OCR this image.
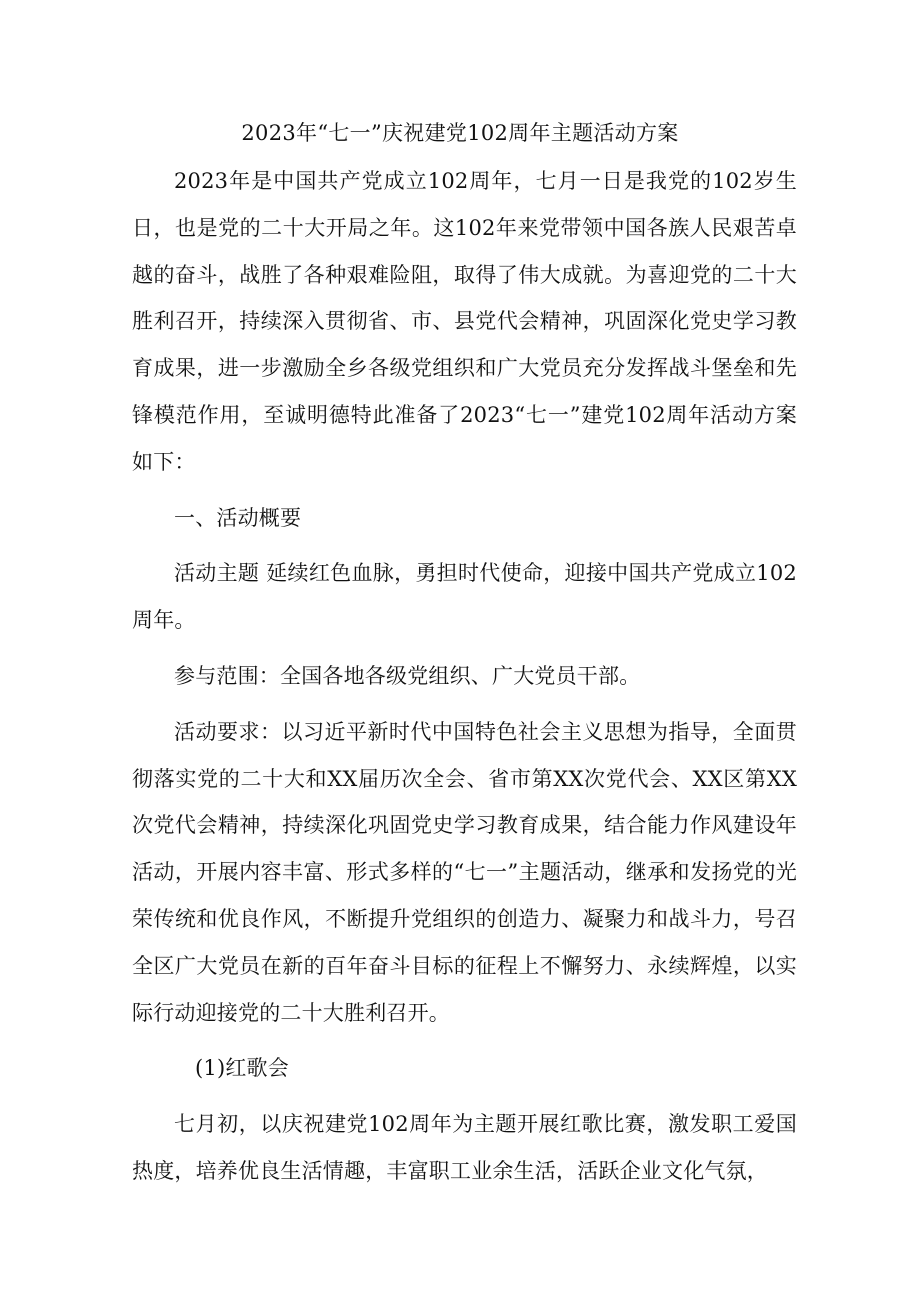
2023年“七一”庆祝建党102周年主题活动方案

2023年是中国共产党成立102周年，七月一日是我党的102岁生日，也是党的二十大开局之年。这102年来党带领中国各族人民艰苦卓越的奋斗，战胜了各种艰难险阻，取得了伟大成就。为喜迎党的二十大胜利召开，持续深入贯彻省、市、县党代会精神，巩固深化党史学习教育成果，进一步激励全乡各级党组织和广大党员充分发挥战斗堡垒和先锋模范作用，至诚明德特此准备了2023“七一”建党102周年活动方案如下：

一、活动概要

活动主题 延续红色血脉，勇担时代使命，迎接中国共产党成立102周年。

参与范围：全国各地各级党组织、广大党员干部。

活动要求：以习近平新时代中国特色社会主义思想为指导，全面贯彻落实党的二十大和XX届历次全会、省市第XX次党代会、XX区第XX次党代会精神，持续深化巩固党史学习教育成果，结合能力作风建设年活动，开展内容丰富、形式多样的“七一”主题活动，继承和发扬党的光荣传统和优良作风，不断提升党组织的创造力、凝聚力和战斗力，号召全区广大党员在新的百年奋斗目标的征程上不懈努力、永续辉煌，以实际行动迎接党的二十大胜利召开。

(1)红歌会

七月初，以庆祝建党102周年为主题开展红歌比赛，激发职工爱国热度，培养优良生活情趣，丰富职工业余生活，活跃企业文化气氛，
